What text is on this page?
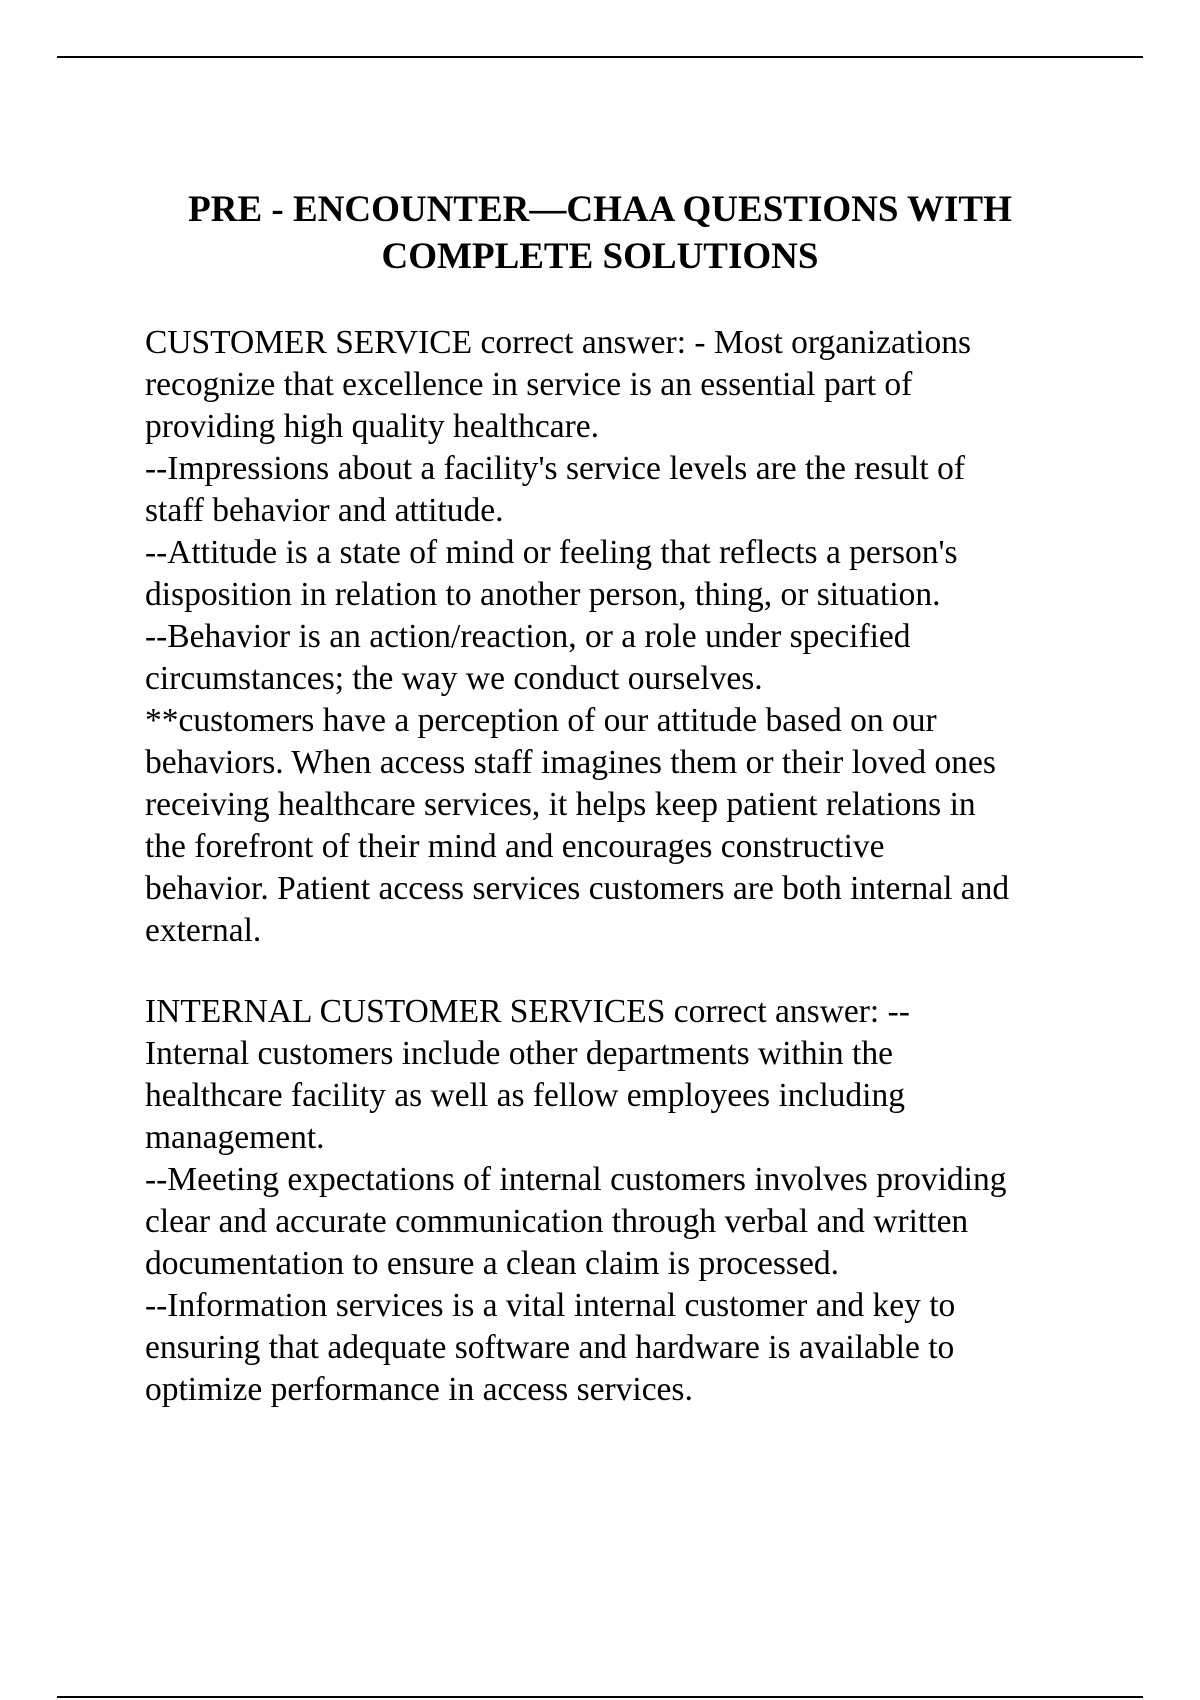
PRE - ENCOUNTER—CHAA QUESTIONS WITH
COMPLETE SOLUTIONS
CUSTOMER SERVICE correct answer: - Most organizations
recognize that excellence in service is an essential part of
providing high quality healthcare.
--Impressions about a facility's service levels are the result of
staff behavior and attitude.
--Attitude is a state of mind or feeling that reflects a person's
disposition in relation to another person, thing, or situation.
--Behavior is an action/reaction, or a role under specified
circumstances; the way we conduct ourselves.
**customers have a perception of our attitude based on our
behaviors. When access staff imagines them or their loved ones
receiving healthcare services, it helps keep patient relations in
the forefront of their mind and encourages constructive
behavior. Patient access services customers are both internal and
external.
INTERNAL CUSTOMER SERVICES correct answer: --
Internal customers include other departments within the
healthcare facility as well as fellow employees including
management.
--Meeting expectations of internal customers involves providing
clear and accurate communication through verbal and written
documentation to ensure a clean claim is processed.
--Information services is a vital internal customer and key to
ensuring that adequate software and hardware is available to
optimize performance in access services.
